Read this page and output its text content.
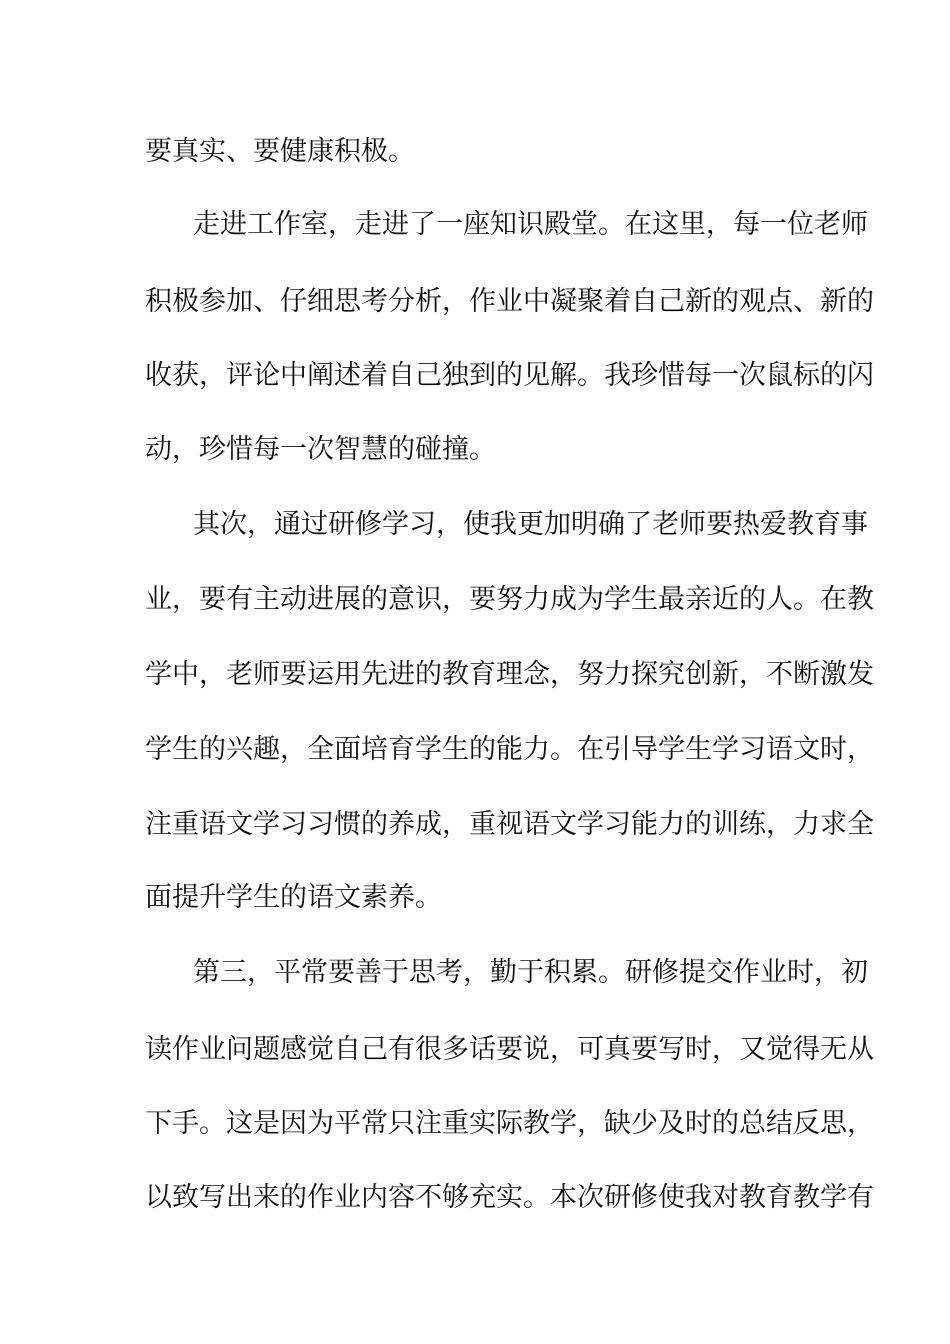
要真实、要健康积极。
走进工作室，走进了一座知识殿堂。在这里，每一位老师
积极参加、仔细思考分析，作业中凝聚着自己新的观点、新的
收获，评论中阐述着自己独到的见解。我珍惜每一次鼠标的闪
动，珍惜每一次智慧的碰撞。
其次，通过研修学习，使我更加明确了老师要热爱教育事
业，要有主动进展的意识，要努力成为学生最亲近的人。在教
学中，老师要运用先进的教育理念，努力探究创新，不断激发
学生的兴趣，全面培育学生的能力。在引导学生学习语文时，
注重语文学习习惯的养成，重视语文学习能力的训练，力求全
面提升学生的语文素养。
第三，平常要善于思考，勤于积累。研修提交作业时，初
读作业问题感觉自己有很多话要说，可真要写时，又觉得无从
下手。这是因为平常只注重实际教学，缺少及时的总结反思，
以致写出来的作业内容不够充实。本次研修使我对教育教学有
